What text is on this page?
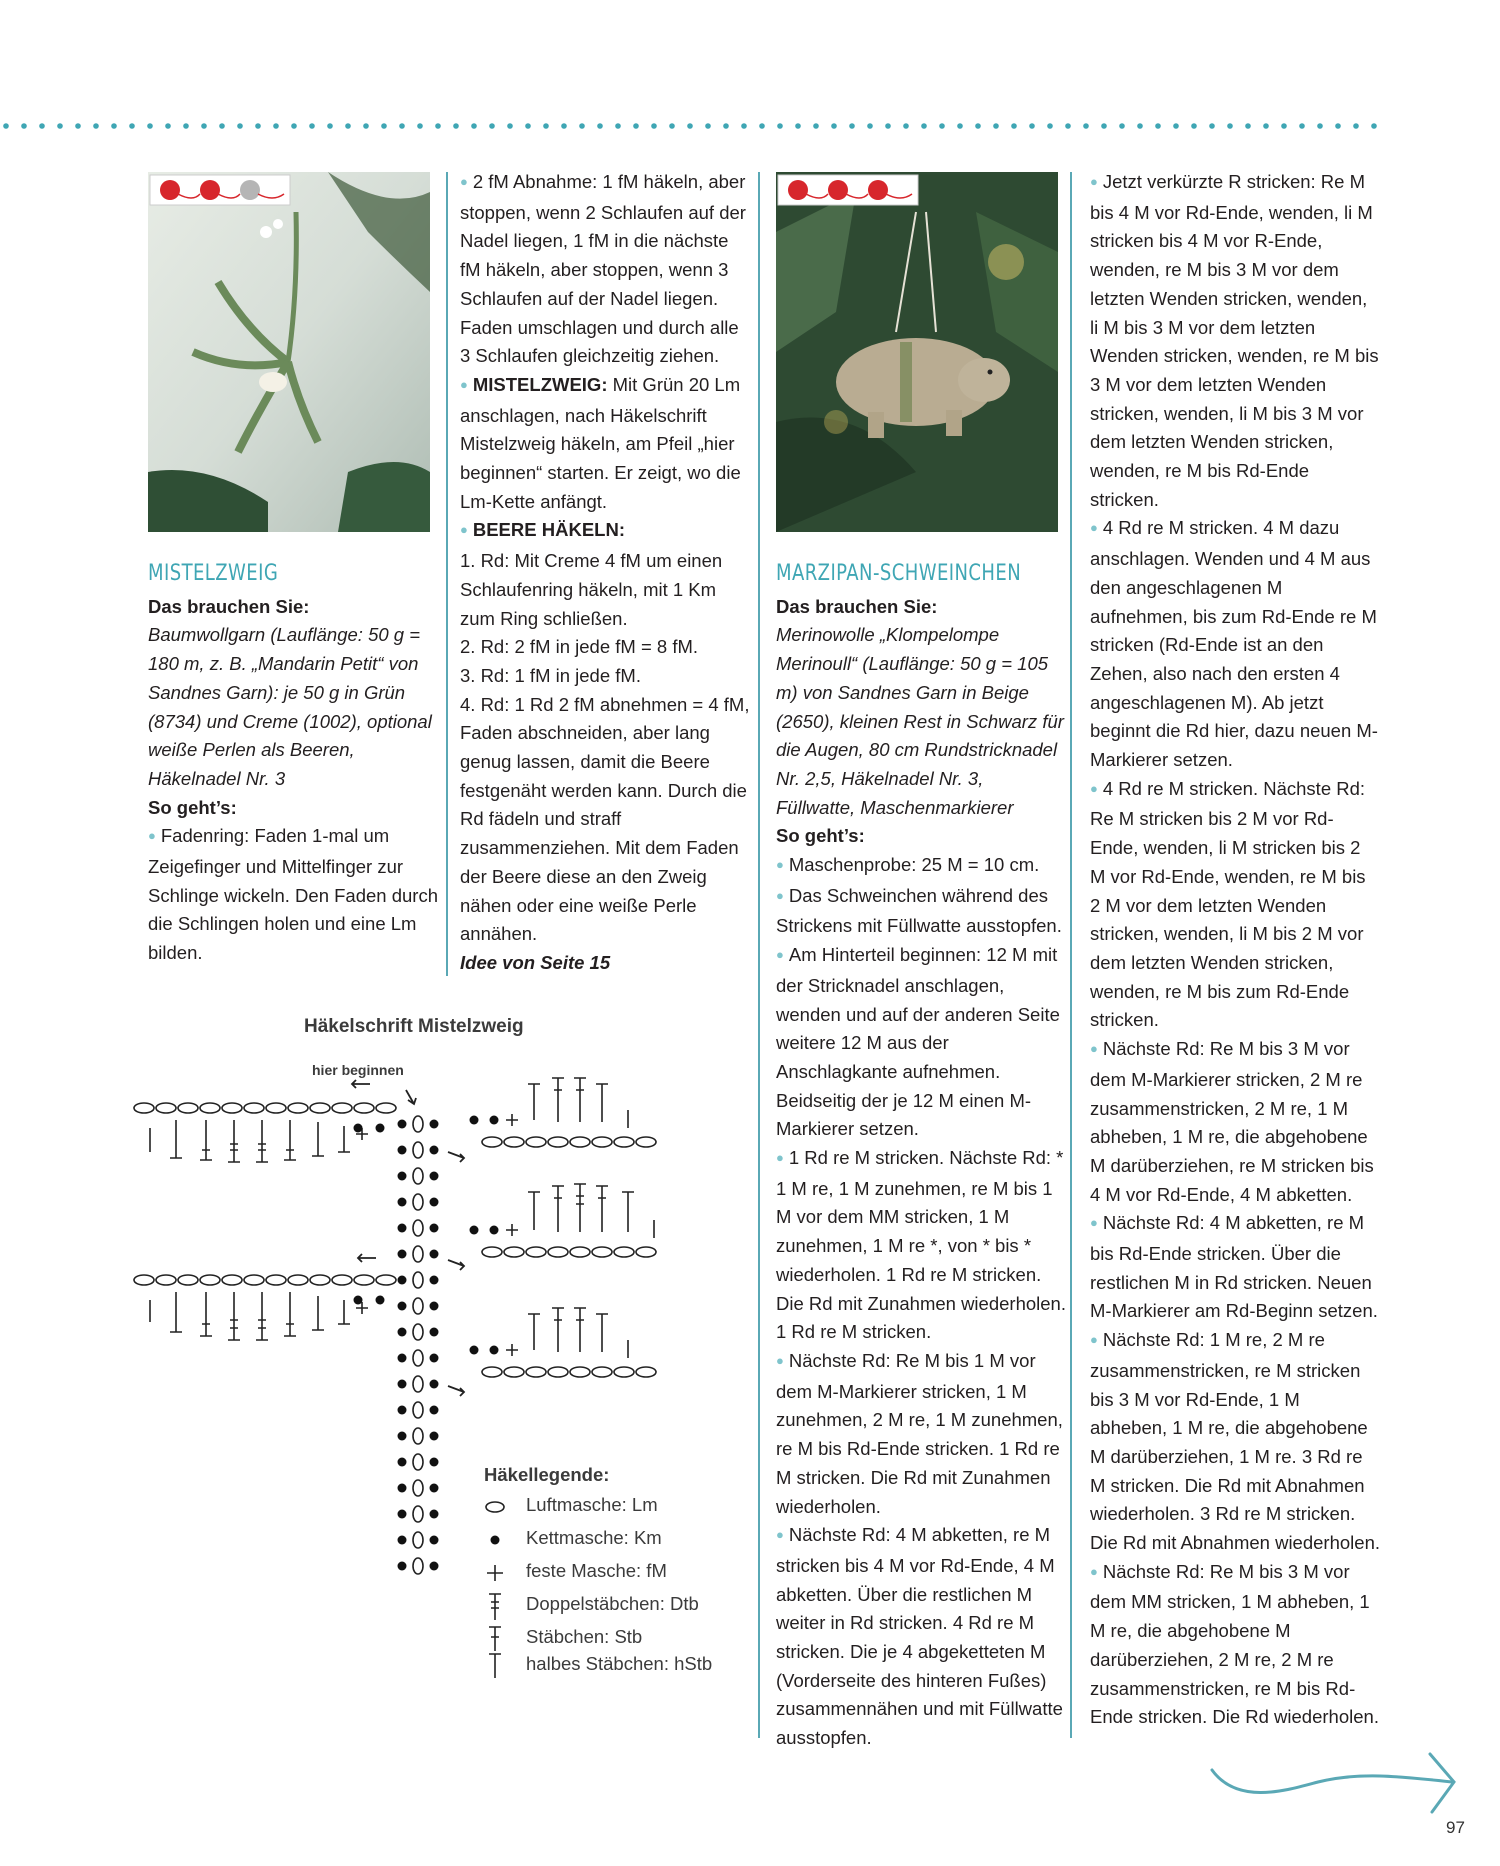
MISTELZWEIG

Das brauchen Sie:

Baumwollgarn (Lauflänge: 50 g = 180 m, z. B. „Mandarin Petit“ von Sandnes Garn): je 50 g in Grün (8734) und Creme (1002), optional weiße Perlen als Beeren, Häkelnadel Nr. 3

So geht’s:

● Fadenring: Faden 1-mal um Zeigefinger und Mittelfinger zur Schlinge wickeln. Den Faden durch die Schlingen holen und eine Lm bilden.

● 2 fM Abnahme: 1 fM häkeln, aber stoppen, wenn 2 Schlaufen auf der Nadel liegen, 1 fM in die nächste fM häkeln, aber stoppen, wenn 3 Schlaufen auf der Nadel liegen. Faden umschlagen und durch alle 3 Schlaufen gleichzeitig ziehen.

● MISTELZWEIG: Mit Grün 20 Lm anschlagen, nach Häkelschrift Mistelzweig häkeln, am Pfeil „hier beginnen“ starten. Er zeigt, wo die Lm-Kette anfängt.

● BEERE HÄKELN:

1. Rd: Mit Creme 4 fM um einen Schlaufenring häkeln, mit 1 Km zum Ring schließen.

2. Rd: 2 fM in jede fM = 8 fM.

3. Rd: 1 fM in jede fM.

4. Rd: 1 Rd 2 fM abnehmen = 4 fM, Faden abschneiden, aber lang genug lassen, damit die Beere festgenäht werden kann. Durch die Rd fädeln und straff zusammenziehen. Mit dem Faden der Beere diese an den Zweig nähen oder eine weiße Perle annähen.

Idee von Seite 15

MARZIPAN-SCHWEINCHEN

Das brauchen Sie:

Merinowolle „Klompelompe Merinoull“ (Lauflänge: 50 g = 105 m) von Sandnes Garn in Beige (2650), kleinen Rest in Schwarz für die Augen, 80 cm Rundstricknadel Nr. 2,5, Häkelnadel Nr. 3, Füllwatte, Maschenmarkierer

So geht’s:

● Maschenprobe: 25 M = 10 cm.

● Das Schweinchen während des Strickens mit Füllwatte ausstopfen.

● Am Hinterteil beginnen: 12 M mit der Stricknadel anschlagen, wenden und auf der anderen Seite weitere 12 M aus der Anschlagkante aufnehmen. Beidseitig der je 12 M einen M-Markierer setzen.

● 1 Rd re M stricken. Nächste Rd: * 1 M re, 1 M zunehmen, re M bis 1 M vor dem MM stricken, 1 M zunehmen, 1 M re *, von * bis * wiederholen. 1 Rd re M stricken. Die Rd mit Zunahmen wiederholen. 1 Rd re M stricken.

● Nächste Rd: Re M bis 1 M vor dem M-Markierer stricken, 1 M zunehmen, 2 M re, 1 M zunehmen, re M bis Rd-Ende stricken. 1 Rd re M stricken. Die Rd mit Zunahmen wiederholen.

● Nächste Rd: 4 M abketten, re M stricken bis 4 M vor Rd-Ende, 4 M abketten. Über die restlichen M weiter in Rd stricken. 4 Rd re M stricken. Die je 4 abgeketteten M (Vorderseite des hinteren Fußes) zusammennähen und mit Füllwatte ausstopfen.

● Jetzt verkürzte R stricken: Re M bis 4 M vor Rd-Ende, wenden, li M stricken bis 4 M vor R-Ende, wenden, re M bis 3 M vor dem letzten Wenden stricken, wenden, li M bis 3 M vor dem letzten Wenden stricken, wenden, re M bis 3 M vor dem letzten Wenden stricken, wenden, li M bis 3 M vor dem letzten Wenden stricken, wenden, re M bis Rd-Ende stricken.

● 4 Rd re M stricken. 4 M dazu anschlagen. Wenden und 4 M aus den angeschlagenen M aufnehmen, bis zum Rd-Ende re M stricken (Rd-Ende ist an den Zehen, also nach den ersten 4 angeschlagenen M). Ab jetzt beginnt die Rd hier, dazu neuen M-Markierer setzen.

● 4 Rd re M stricken. Nächste Rd: Re M stricken bis 2 M vor Rd-Ende, wenden, li M stricken bis 2 M vor Rd-Ende, wenden, re M bis 2 M vor dem letzten Wenden stricken, wenden, li M bis 2 M vor dem letzten Wenden stricken, wenden, re M bis zum Rd-Ende stricken.

● Nächste Rd: Re M bis 3 M vor dem M-Markierer stricken, 2 M re zusammenstricken, 2 M re, 1 M abheben, 1 M re, die abgehobene M darüberziehen, re M stricken bis 4 M vor Rd-Ende, 4 M abketten.

● Nächste Rd: 4 M abketten, re M bis Rd-Ende stricken. Über die restlichen M in Rd stricken. Neuen M-Markierer am Rd-Beginn setzen.

● Nächste Rd: 1 M re, 2 M re zusammenstricken, re M stricken bis 3 M vor Rd-Ende, 1 M abheben, 1 M re, die abgehobene M darüberziehen, 1 M re. 3 Rd re M stricken. Die Rd mit Abnahmen wiederholen. 3 Rd re M stricken. Die Rd mit Abnahmen wiederholen.

● Nächste Rd: Re M bis 3 M vor dem MM stricken, 1 M abheben, 1 M re, die abgehobene M darüberziehen, 2 M re, 2 M re zusammenstricken, re M bis Rd-Ende stricken. Die Rd wiederholen.

Häkelschrift Mistelzweig
hier beginnen
Häkellegende:
Luftmasche: Lm
Kettmasche: Km
feste Masche: fM
Doppelstäbchen: Dtb
Stäbchen: Stb
halbes Stäbchen: hStb
97
